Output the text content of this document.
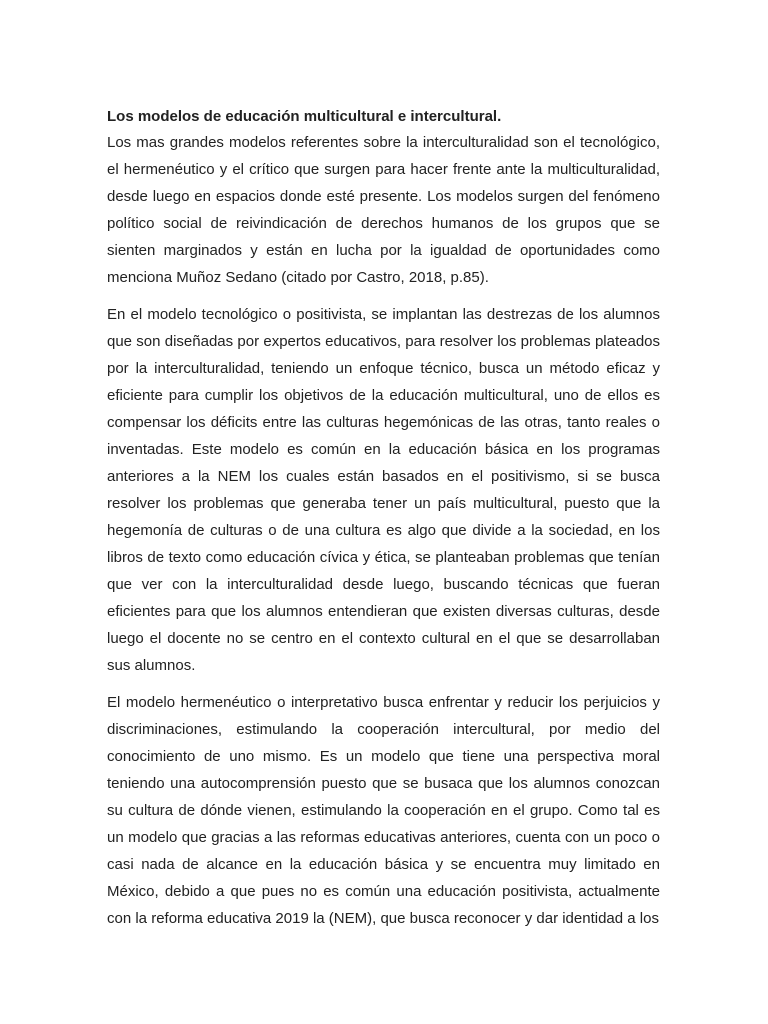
Los modelos de educación multicultural e intercultural.

Los mas grandes modelos referentes sobre la interculturalidad son el tecnológico, el hermenéutico y el crítico que surgen para hacer frente ante la multiculturalidad, desde luego en espacios donde esté presente. Los modelos surgen del fenómeno político social de reivindicación de derechos humanos de los grupos que se sienten marginados y están en lucha por la igualdad de oportunidades como menciona Muñoz Sedano (citado por Castro, 2018, p.85).

En el modelo tecnológico o positivista, se implantan las destrezas de los alumnos que son diseñadas por expertos educativos, para resolver los problemas plateados por la interculturalidad, teniendo un enfoque técnico, busca un método eficaz y eficiente para cumplir los objetivos de la educación multicultural, uno de ellos es compensar los déficits entre las culturas hegemónicas de las otras, tanto reales o inventadas. Este modelo es común en la educación básica en los programas anteriores a la NEM los cuales están basados en el positivismo, si se busca resolver los problemas que generaba tener un país multicultural, puesto que la hegemonía de culturas o de una cultura es algo que divide a la sociedad, en los libros de texto como educación cívica y ética, se planteaban problemas que tenían que ver con la interculturalidad desde luego, buscando técnicas que fueran eficientes para que los alumnos entendieran que existen diversas culturas, desde luego el docente no se centro en el contexto cultural en el que se desarrollaban sus alumnos.

El modelo hermenéutico o interpretativo busca enfrentar y reducir los perjuicios y discriminaciones, estimulando la cooperación intercultural, por medio del conocimiento de uno mismo. Es un modelo que tiene una perspectiva moral teniendo una autocomprensión puesto que se busaca que los alumnos conozcan su cultura de dónde vienen, estimulando la cooperación en el grupo. Como tal es un modelo que gracias a las reformas educativas anteriores, cuenta con un poco o casi nada de alcance en la educación básica y se encuentra muy limitado en México, debido a que pues no es común una educación positivista, actualmente con la reforma educativa 2019 la (NEM), que busca reconocer y dar identidad a los
